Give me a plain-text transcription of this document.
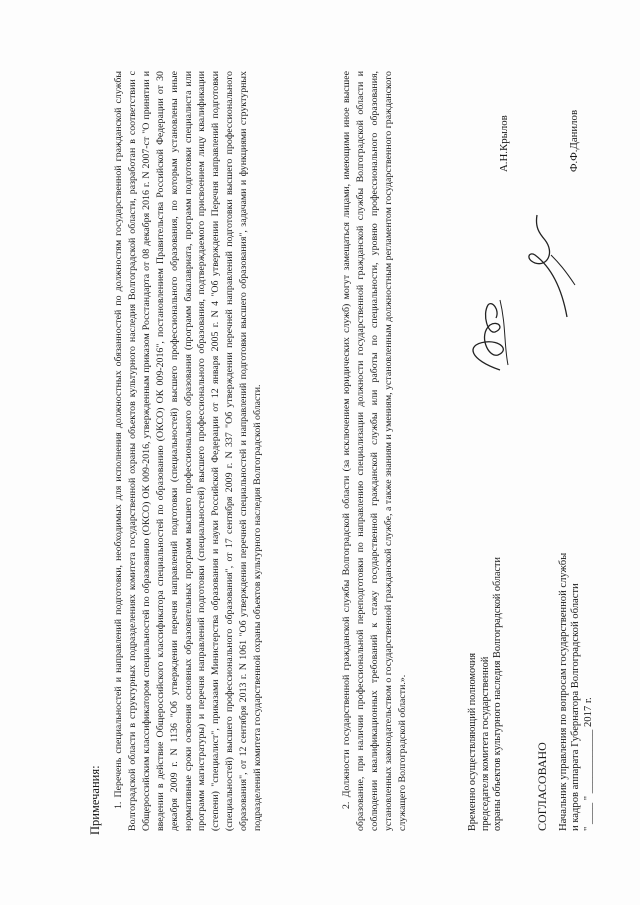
Примечания: 1. Перечень специальностей и направлений подготовки, необходимых для исполнения должностных обязанностей по должностям государственной гражданской службы Волгоградской области в структурных подразделениях комитета государственной охраны объектов культурного наследия Волгоградской области, разработан в соответствии с Общероссийским классификатором специальностей по образованию (ОКСО) ОК 009-2016, утвержденным приказом Росстандарта от 08 декабря 2016 г. N 2007-ст "О принятии и введении в действие Общероссийского классификатора специальностей по образованию (ОКСО) ОК 009-2016", постановлением Правительства Российской Федерации от 30 декабря 2009 г. N 1136 "Об утверждении перечня направлений подготовки (специальностей) высшего профессионального образования, по которым установлены иные нормативные сроки освоения основных образовательных программ высшего профессионального образования (программ бакалавриата, программ подготовки специалиста или программ магистратуры) и перечня направлений подготовки (специальностей) высшего профессионального образования, подтверждаемого присвоением лицу квалификации (степени) "специалист", приказами Министерства образования и науки Российской Федерации от 12 января 2005 г. N 4 "Об утверждении Перечня направлений подготовки (специальностей) высшего профессионального образования", от 17 сентября 2009 г. N 337 "Об утверждении перечней направлений подготовки высшего профессионального образования", от 12 сентября 2013 г. N 1061 "Об утверждении перечней специальностей и направлений подготовки высшего образования", задачами и функциями структурных подразделений комитета государственной охраны объектов культурного наследия Волгоградской области.	2. Должности государственной гражданской службы Волгоградской области (за исключением юридических служб) могут замещаться лицами, имеющими иное высшее образование, при наличии профессиональной переподготовки по направлению специализации должности государственной гражданской службы Волгоградской области и соблюдении квалификационных требований к стажу государственной гражданской службы или работы по специальности, уровню профессионального образования, установленных законодательством о государственной гражданской службе, а также знаниям и умениям, установленным должностным регламентом государственного гражданского служащего Волгоградской области.».	Временно осуществляющий полномочия председателя комитета государственной охраны объектов культурного наследия Волгоградской области
А.Н.Крылов
СОГЛАСОВАНО Начальник управления по вопросам государственной службы и кадров аппарата Губернатора Волгоградской области " ____ " ____________ 2017 г.
Ф.Ф.Данилов
